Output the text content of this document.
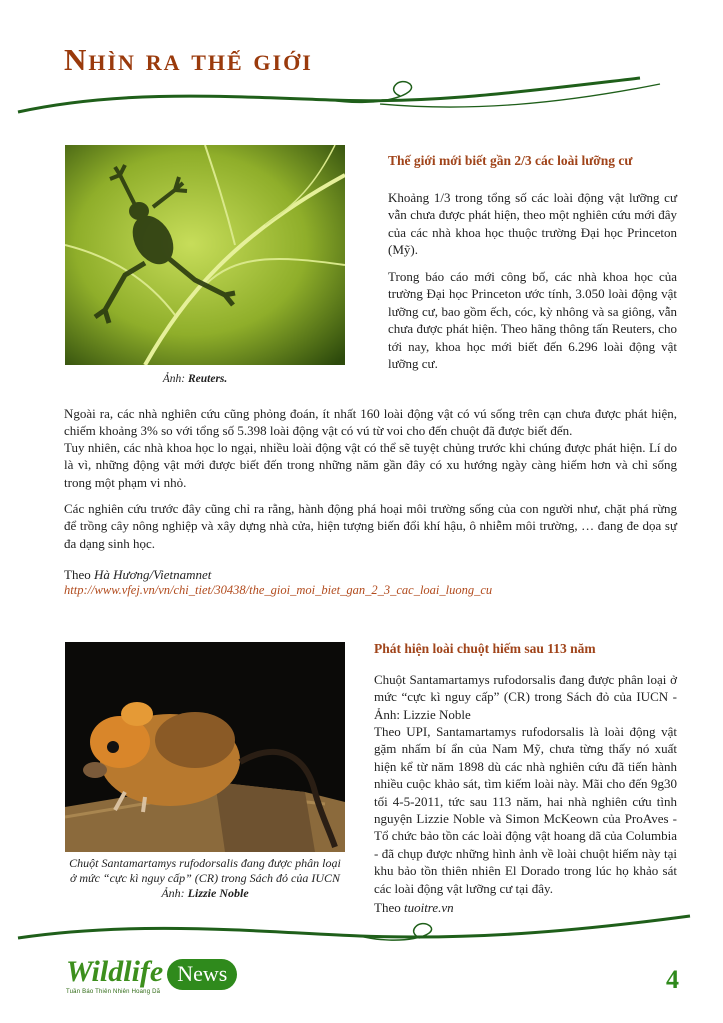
Nhìn ra thế giới
Ảnh: Reuters.
Thế giới mới biết gần 2/3 các loài lưỡng cư

Khoảng 1/3 trong tổng số các loài động vật lưỡng cư vẫn chưa được phát hiện, theo một nghiên cứu mới đây của các nhà khoa học thuộc trường Đại học Princeton (Mỹ).

Trong báo cáo mới công bố, các nhà khoa học của trường Đại học Princeton ước tính, 3.050 loài động vật lưỡng cư, bao gồm ếch, cóc, kỳ nhông và sa giông, vẫn chưa được phát hiện. Theo hãng thông tấn Reuters, cho tới nay, khoa học mới biết đến 6.296 loài động vật lưỡng cư.

Ngoài ra, các nhà nghiên cứu cũng phỏng đoán, ít nhất 160 loài động vật có vú sống trên cạn chưa được phát hiện, chiếm khoảng 3% so với tổng số 5.398 loài động vật có vú từ voi cho đến chuột đã được biết đến.

Tuy nhiên, các nhà khoa học lo ngại, nhiều loài động vật có thể sẽ tuyệt chủng trước khi chúng được phát hiện. Lí do là vì, những động vật mới được biết đến trong những năm gần đây có xu hướng ngày càng hiếm hơn và chỉ sống trong một phạm vi nhỏ.

Các nghiên cứu trước đây cũng chỉ ra rằng, hành động phá hoại môi trường sống của con người như, chặt phá rừng để trồng cây nông nghiệp và xây dựng nhà cửa, hiện tượng biến đổi khí hậu, ô nhiễm môi trường, … đang đe dọa sự đa dạng sinh học.

Theo Hà Hương/Vietnamnet
http://www.vfej.vn/vn/chi_tiet/30438/the_gioi_moi_biet_gan_2_3_cac_loai_luong_cu
Chuột Santamartamys rufodorsalis đang được phân loại ở mức “cực kì nguy cấp” (CR) trong Sách đỏ của IUCN
Ảnh: Lizzie Noble
Phát hiện loài chuột hiếm sau 113 năm

Chuột Santamartamys rufodorsalis đang được phân loại ở mức “cực kì nguy cấp” (CR) trong Sách đỏ của IUCN - Ảnh: Lizzie Noble

Theo UPI, Santamartamys rufodorsalis là loài động vật gặm nhấm bí ẩn của Nam Mỹ, chưa từng thấy nó xuất hiện kể từ năm 1898 dù các nhà nghiên cứu đã tiến hành nhiều cuộc khảo sát, tìm kiếm loài này. Mãi cho đến 9g30 tối 4-5-2011, tức sau 113 năm, hai nhà nghiên cứu tình nguyện Lizzie Noble và Simon McKeown của ProAves - Tổ chức bảo tồn các loài động vật hoang dã của Columbia - đã chụp được những hình ảnh về loài chuột hiếm này tại khu bảo tồn thiên nhiên El Dorado trong lúc họ khảo sát các loài động vật lưỡng cư tại đây.

Theo tuoitre.vn
Wildlife News
Tuần Báo Thiên Nhiên Hoang Dã	4
